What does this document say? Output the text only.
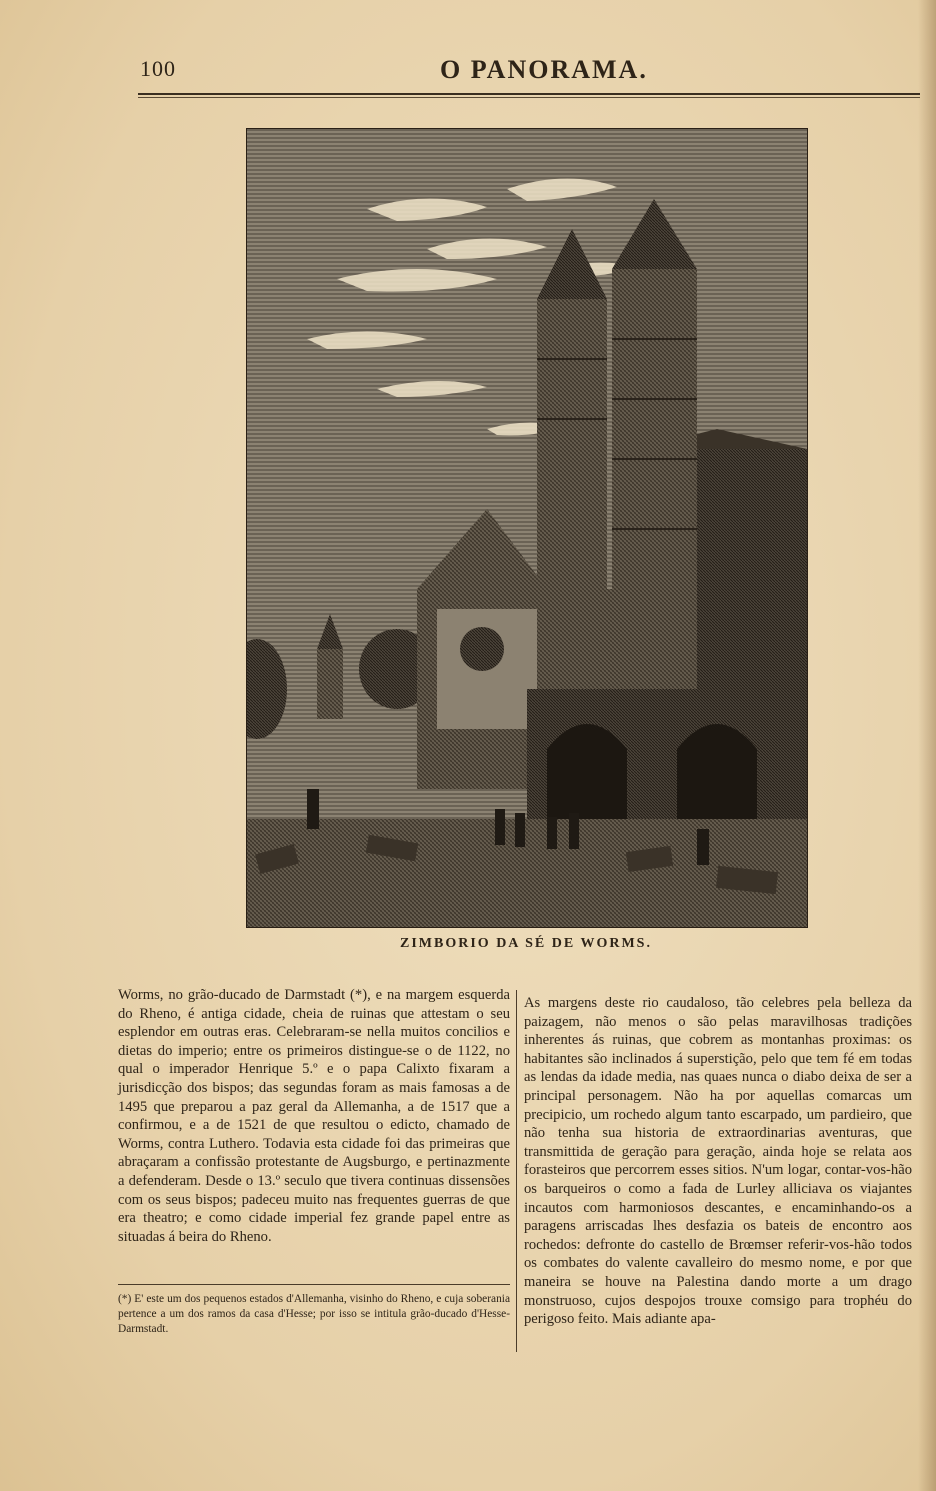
100	O PANORAMA.
ZIMBORIO DA SÉ DE WORMS.

Worms, no grão-ducado de Darmstadt (*), e na margem esquerda do Rheno, é antiga cidade, cheia de ruinas que attestam o seu esplendor em outras eras. Celebraram-se nella muitos concilios e dietas do imperio; entre os primeiros distingue-se o de 1122, no qual o imperador Henrique 5.º e o papa Calixto fixaram a jurisdicção dos bispos; das segundas foram as mais famosas a de 1495 que preparou a paz geral da Allemanha, a de 1517 que a confirmou, e a de 1521 de que resultou o edicto, chamado de Worms, contra Luthero. Todavia esta cidade foi das primeiras que abraçaram a confissão protestante de Augsburgo, e pertinazmente a defenderam. Desde o 13.º seculo que tivera continuas dissensões com os seus bispos; padeceu muito nas frequentes guerras de que era theatro; e como cidade imperial fez grande papel entre as situadas á beira do Rheno.

(*) E' este um dos pequenos estados d'Allemanha, visinho do Rheno, e cuja soberania pertence a um dos ramos da casa d'Hesse; por isso se intitula grão-ducado d'Hesse-Darmstadt.

As margens deste rio caudaloso, tão celebres pela belleza da paizagem, não menos o são pelas maravilhosas tradições inherentes ás ruinas, que cobrem as montanhas proximas: os habitantes são inclinados á superstição, pelo que tem fé em todas as lendas da idade media, nas quaes nunca o diabo deixa de ser a principal personagem. Não ha por aquellas comarcas um precipicio, um rochedo algum tanto escarpado, um pardieiro, que não tenha sua historia de extraordinarias aventuras, que transmittida de geração para geração, ainda hoje se relata aos forasteiros que percorrem esses sitios. N'um logar, contar-vos-hão os barqueiros o como a fada de Lurley alliciava os viajantes incautos com harmoniosos descantes, e encaminhando-os a paragens arriscadas lhes desfazia os bateis de encontro aos rochedos: defronte do castello de Brœmser referir-vos-hão todos os combates do valente cavalleiro do mesmo nome, e por que maneira se houve na Palestina dando morte a um drago monstruoso, cujos despojos trouxe comsigo para trophéu do perigoso feito. Mais adiante apa-
